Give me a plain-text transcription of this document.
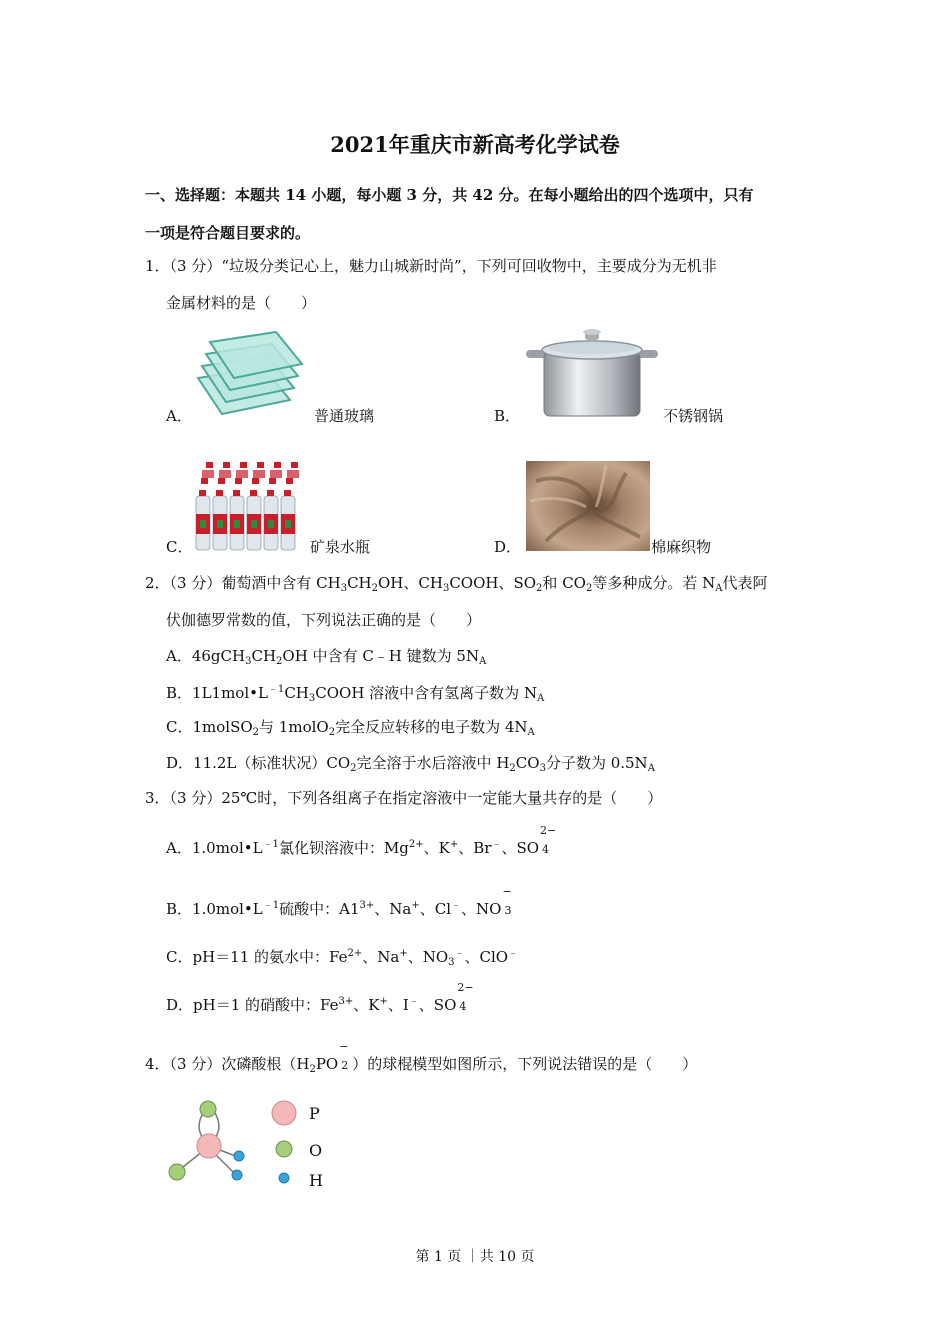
2021年重庆市新高考化学试卷
一、选择题：本题共 14 小题，每小题 3 分，共 42 分。在每小题给出的四个选项中，只有
一项是符合题目要求的。
1．（3 分）“垃圾分类记心上，魅力山城新时尚”，下列可回收物中，主要成分为无机非
金属材料的是（　　）
A．	普通玻璃	B．	不锈钢锅
C．	矿泉水瓶	D．	棉麻织物
2．（3 分）葡萄酒中含有 $CH_3CH_2OH$、$CH_3COOH$、$SO_2$和 $CO_2$等多种成分。若 $N_A$代表阿
伏伽德罗常数的值，下列说法正确的是（　　）
A．$46gCH_3CH_2OH$ 中含有 C﹣H 键数为 $5N_A$
B．$1L1mol•L^{﹣1}CH_3COOH$ 溶液中含有氢离子数为 $N_A$
C．1molSO$_2$与 1molO$_2$完全反应转移的电子数为 $4N_A$
D．11.2L（标准状况）$CO_2$完全溶于水后溶液中 $H_2CO_3$分子数为 $0.5N_A$
3．（3 分）25℃时，下列各组离子在指定溶液中一定能大量共存的是（　　）
A．$1.0mol•L^{﹣1}$氯化钡溶液中：$Mg^{2+}$、K+、Br﹣、SO
2−
4
B．$1.0mol•L^{﹣1}$硫酸中：$A1^{3+}$、Na+、Cl﹣、NO
−
3
C．pH＝11 的氨水中：$Fe^{2+}$、Na+、$NO_3^﹣$、ClO﹣
D．pH＝1 的硝酸中：$Fe^{3+}$、K+、I﹣、SO
2−
4
4．（3 分）次磷酸根（$H_2PO$
−
2 ）的球棍模型如图所示，下列说法错误的是（　　）
P
O
H
第 1 页 ｜共 10 页
